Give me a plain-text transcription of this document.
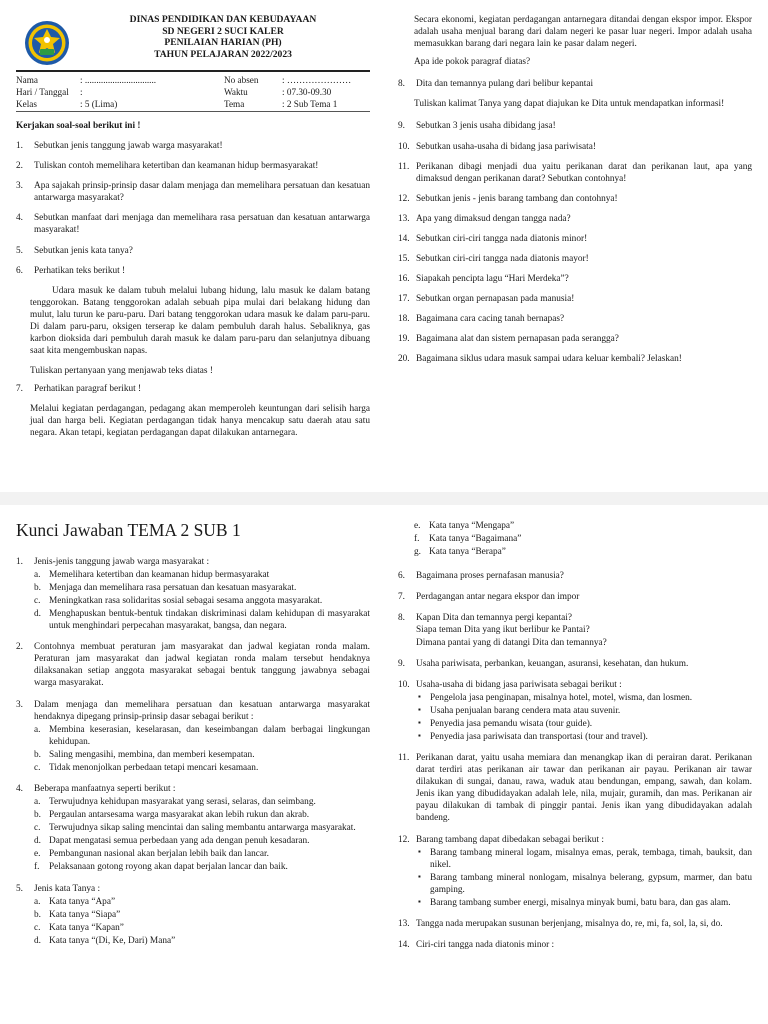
DINAS PENDIDIKAN DAN KEBUDAYAAN
SD NEGERI 2 SUCI KALER
PENILAIAN HARIAN (PH)
TAHUN PELAJARAN 2022/2023
Nama	: ...............................	No absen	: …………………
Hari / Tanggal :	Waktu	: 07.30-09.30
Kelas	: 5 (Lima)	Tema	: 2 Sub Tema 1
Kerjakan soal-soal berikut ini !
1. Sebutkan jenis tanggung jawab warga masyarakat!
2. Tuliskan contoh memelihara ketertiban dan keamanan hidup bermasyarakat!
3. Apa sajakah prinsip-prinsip dasar dalam menjaga dan memelihara persatuan dan kesatuan antarwarga masyarakat?
4. Sebutkan manfaat dari menjaga dan memelihara rasa persatuan dan kesatuan antarwarga masyarakat!
5. Sebutkan jenis kata tanya?
6. Perhatikan teks berikut !
Udara masuk ke dalam tubuh melalui lubang hidung, lalu masuk ke dalam batang tenggorokan. Batang tenggorokan adalah sebuah pipa mulai dari belakang hidung dan mulut, lalu turun ke paru-paru. Dari batang tenggorokan udara masuk ke dalam paru-paru. Di dalam paru-paru, oksigen terserap ke dalam pembuluh darah halus. Sebaliknya, gas karbon dioksida dari pembuluh darah masuk ke dalam paru-paru dan selanjutnya dibuang saat kita mengembuskan napas.
Tuliskan pertanyaan yang menjawab teks diatas !
7. Perhatikan paragraf berikut !
Melalui kegiatan perdagangan, pedagang akan memperoleh keuntungan dari selisih harga jual dan harga beli. Kegiatan perdagangan tidak hanya mencakup satu daerah atau satu negara. Akan tetapi, kegiatan perdagangan dapat dilakukan antarnegara.
Secara ekonomi, kegiatan perdagangan antarnegara ditandai dengan ekspor impor. Ekspor adalah usaha menjual barang dari dalam negeri ke pasar luar negeri. Impor adalah usaha memasukkan barang dari negara lain ke pasar dalam negeri.
Apa ide pokok paragraf diatas?
8. Dita dan temannya pulang dari belibur kepantai
Tuliskan kalimat Tanya yang dapat diajukan ke Dita untuk mendapatkan informasi!
9. Sebutkan 3 jenis usaha dibidang jasa!
10. Sebutkan usaha-usaha di bidang jasa pariwisata!
11. Perikanan dibagi menjadi dua yaitu perikanan darat dan perikanan laut, apa yang dimaksud dengan perikanan darat? Sebutkan contohnya!
12. Sebutkan jenis - jenis barang tambang dan contohnya!
13. Apa yang dimaksud dengan tangga nada?
14. Sebutkan ciri-ciri tangga nada diatonis minor!
15. Sebutkan ciri-ciri tangga nada diatonis mayor!
16. Siapakah pencipta lagu “Hari Merdeka”?
17. Sebutkan organ pernapasan pada manusia!
18. Bagaimana cara cacing tanah bernapas?
19. Bagaimana alat dan sistem pernapasan pada serangga?
20. Bagaimana siklus udara masuk sampai udara keluar kembali? Jelaskan!
Kunci Jawaban TEMA 2 SUB 1
1. Jenis-jenis tanggung jawab warga masyarakat :
a. Memelihara ketertiban dan keamanan hidup bermasyarakat
b. Menjaga dan memelihara rasa persatuan dan kesatuan masyarakat.
c. Meningkatkan rasa solidaritas sosial sebagai sesama anggota masyarakat.
d. Menghapuskan bentuk-bentuk tindakan diskriminasi dalam kehidupan di masyarakat untuk menghindari perpecahan masyarakat, bangsa, dan negara.
2. Contohnya membuat peraturan jam masyarakat dan jadwal kegiatan ronda malam. Peraturan jam masyarakat dan jadwal kegiatan ronda malam tersebut hendaknya dilaksanakan setiap anggota masyarakat sebagai bentuk tanggung jawabnya sebagai warga masyarakat.
3. Dalam menjaga dan memelihara persatuan dan kesatuan antarwarga masyarakat hendaknya dipegang prinsip-prinsip dasar sebagai berikut :
a. Membina keserasian, keselarasan, dan keseimbangan dalam berbagai lingkungan kehidupan.
b. Saling mengasihi, membina, dan memberi kesempatan.
c. Tidak menonjolkan perbedaan tetapi mencari kesamaan.
4. Beberapa manfaatnya seperti berikut :
a. Terwujudnya kehidupan masyarakat yang serasi, selaras, dan seimbang.
b. Pergaulan antarsesama warga masyarakat akan lebih rukun dan akrab.
c. Terwujudnya sikap saling mencintai dan saling membantu antarwarga masyarakat.
d. Dapat mengatasi semua perbedaan yang ada dengan penuh kesadaran.
e. Pembangunan nasional akan berjalan lebih baik dan lancar.
f. Pelaksanaan gotong royong akan dapat berjalan lancar dan baik.
5. Jenis kata Tanya :
a. Kata tanya “Apa”
b. Kata tanya “Siapa”
c. Kata tanya “Kapan”
d. Kata tanya “(Di, Ke, Dari) Mana”
e. Kata tanya “Mengapa”
f. Kata tanya “Bagaimana”
g. Kata tanya “Berapa”
6. Bagaimana proses pernafasan manusia?
7. Perdagangan antar negara ekspor dan impor
8. Kapan Dita dan temannya pergi kepantai?
Siapa teman Dita yang ikut berlibur ke Pantai?
Dimana pantai yang di datangi Dita dan temannya?
9. Usaha pariwisata, perbankan, keuangan, asuransi, kesehatan, dan hukum.
10. Usaha-usaha di bidang jasa pariwisata sebagai berikut :
▪ Pengelola jasa penginapan, misalnya hotel, motel, wisma, dan losmen.
▪ Usaha penjualan barang cendera mata atau suvenir.
▪ Penyedia jasa pemandu wisata (tour guide).
▪ Penyedia jasa pariwisata dan transportasi (tour and travel).
11. Perikanan darat, yaitu usaha memiara dan menangkap ikan di perairan darat. Perikanan darat terdiri atas perikanan air tawar dan perikanan air payau. Perikanan air tawar dilakukan di sungai, danau, rawa, waduk atau bendungan, empang, sawah, dan kolam. Jenis ikan yang dibudidayakan adalah lele, nila, mujair, guramih, dan mas. Perikanan air payau dilakukan di tambak di pinggir pantai. Jenis ikan yang dibudidayakan adalah bandeng.
12. Barang tambang dapat dibedakan sebagai berikut :
▪ Barang tambang mineral logam, misalnya emas, perak, tembaga, timah, bauksit, dan nikel.
▪ Barang tambang mineral nonlogam, misalnya belerang, gypsum, marmer, dan batu gamping.
▪ Barang tambang sumber energi, misalnya minyak bumi, batu bara, dan gas alam.
13. Tangga nada merupakan susunan berjenjang, misalnya do, re, mi, fa, sol, la, si, do.
14. Ciri-ciri tangga nada diatonis minor :
